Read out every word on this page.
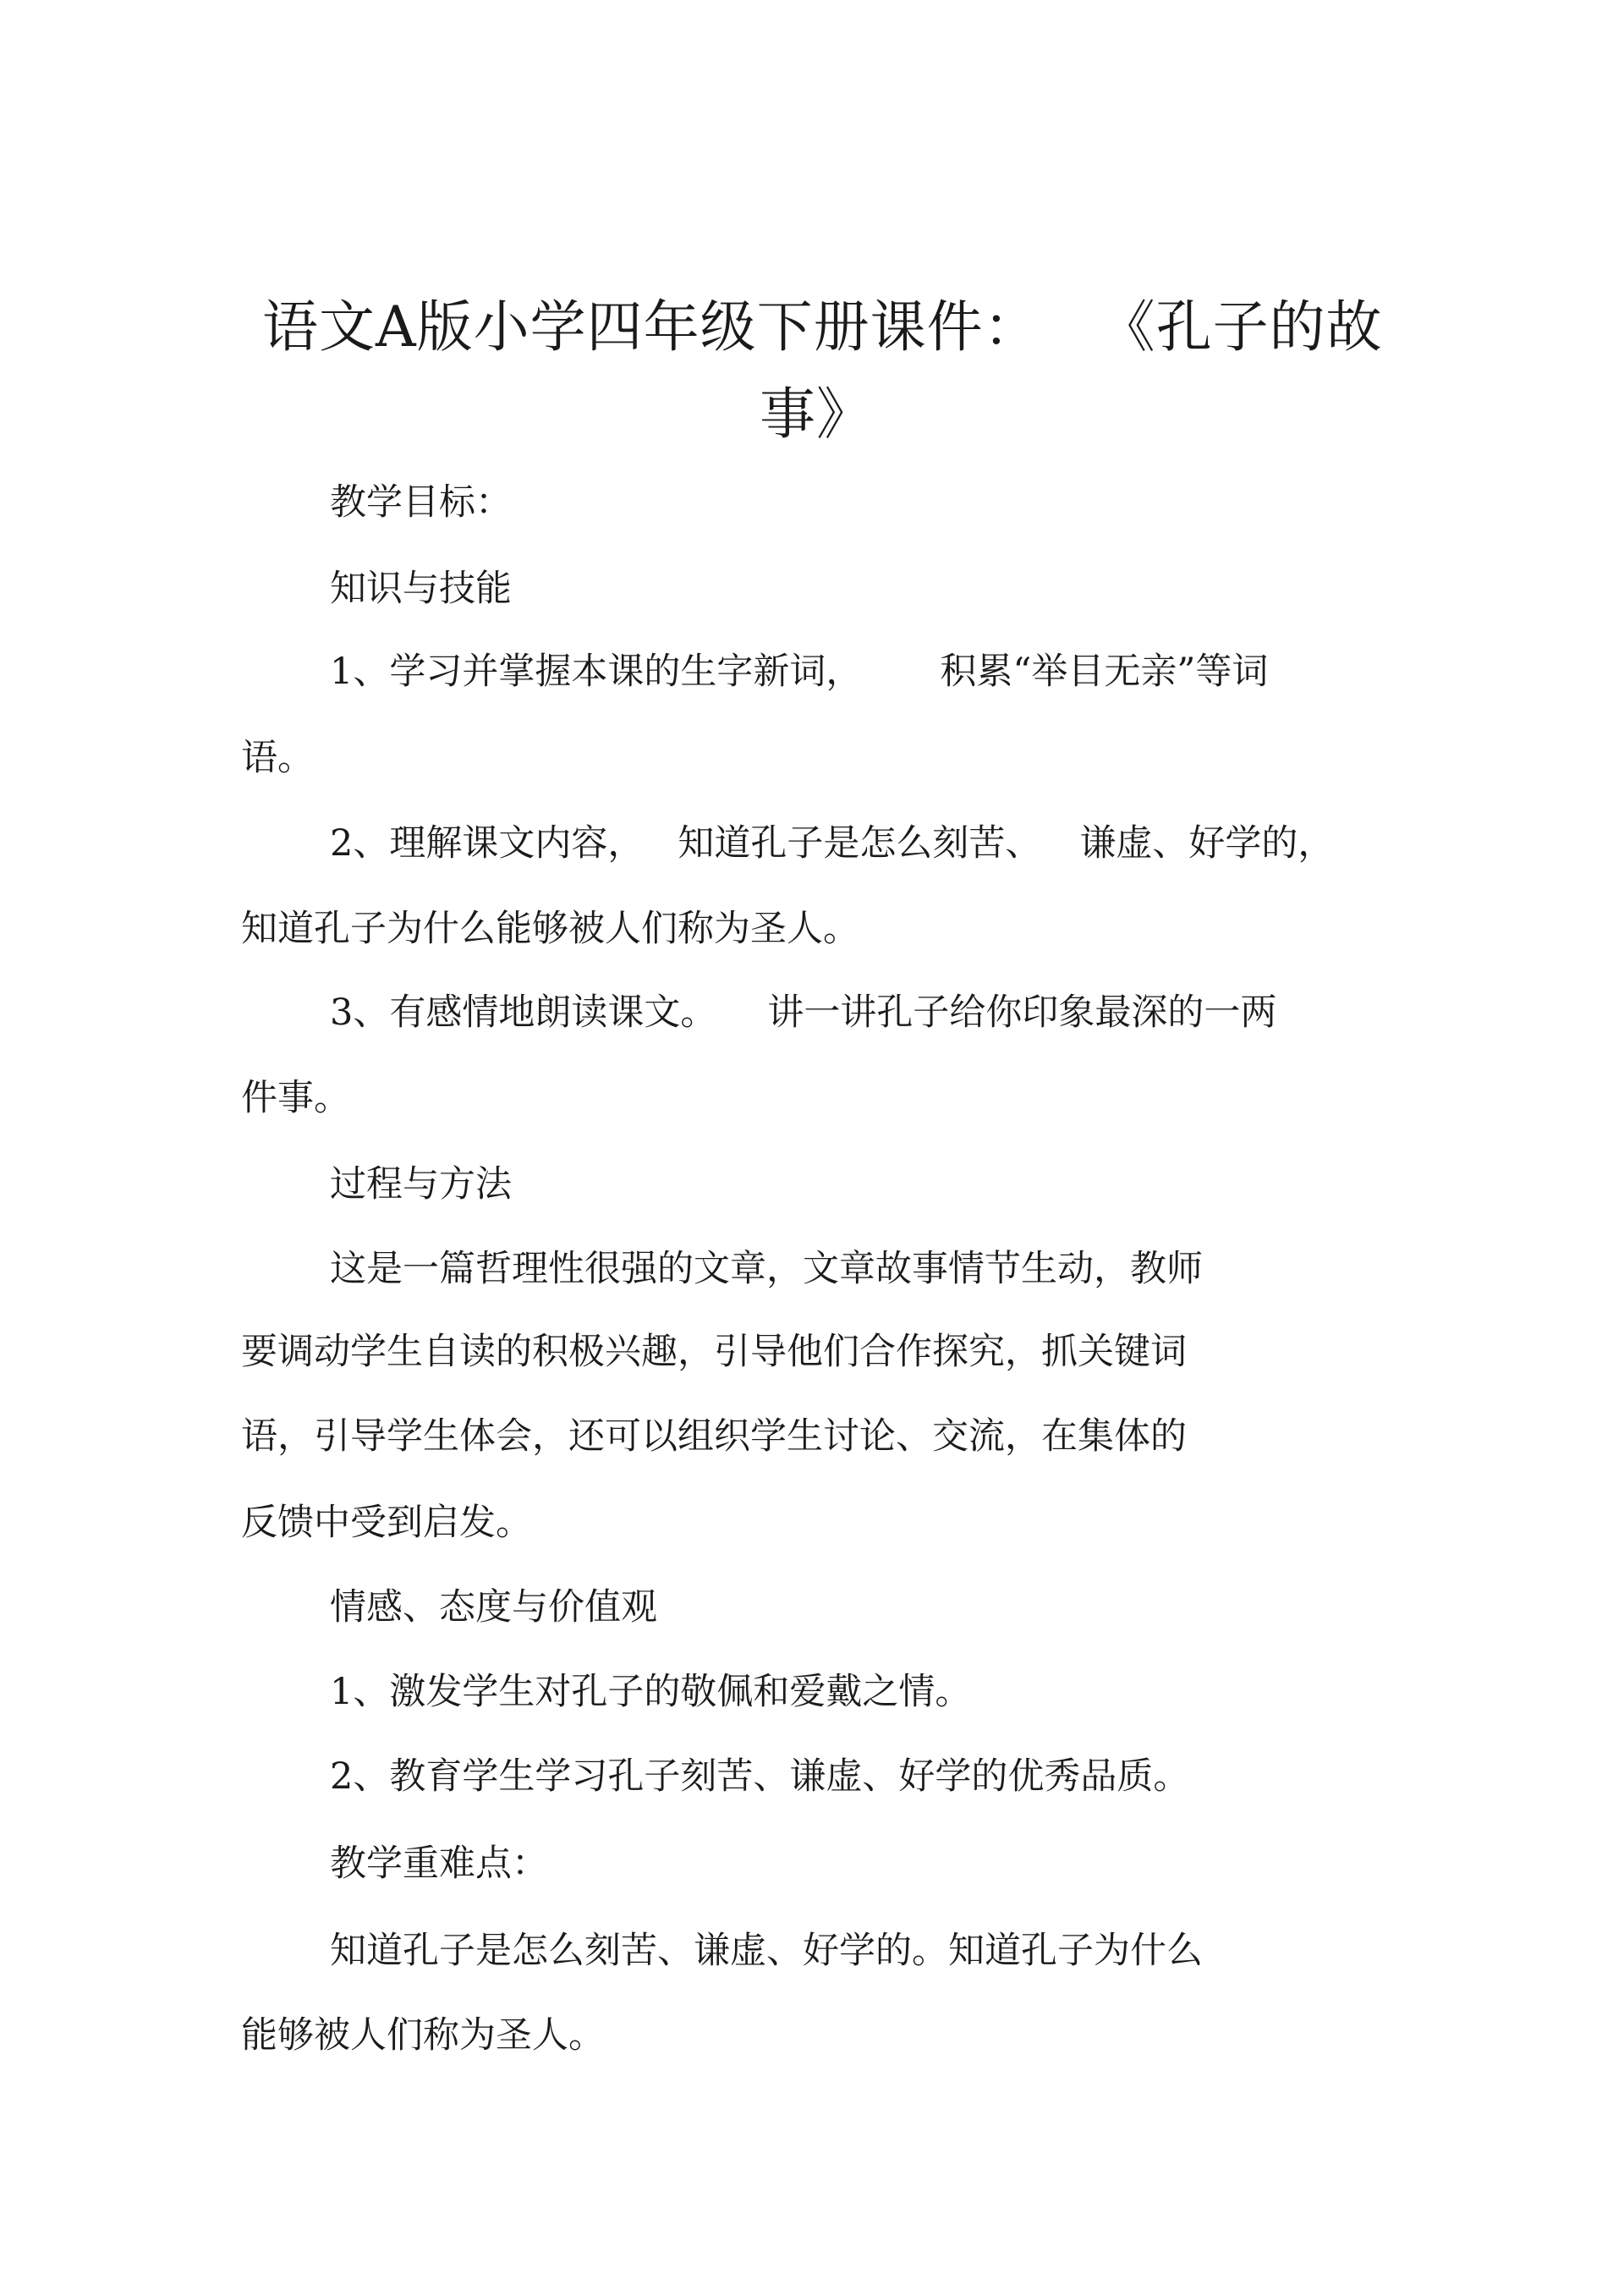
语文A版小学四年级下册课件： 《孔子的故
事》

教学目标：

知识与技能

1、学习并掌握本课的生字新词， 积累“举目无亲”等词

语。

2、理解课文内容， 知道孔子是怎么刻苦、 谦虚、好学的，

知道孔子为什么能够被人们称为圣人。

3、有感情地朗读课文。 讲一讲孔子给你印象最深的一两

件事。

过程与方法

这是一篇哲理性很强的文章，文章故事情节生动，教师

要调动学生自读的积极兴趣，引导他们合作探究，抓关键词

语，引导学生体会，还可以组织学生讨论、交流，在集体的

反馈中受到启发。

情感、态度与价值观

1、激发学生对孔子的敬佩和爱戴之情。

2、教育学生学习孔子刻苦、谦虚、好学的优秀品质。

教学重难点：

知道孔子是怎么刻苦、谦虚、好学的。知道孔子为什么

能够被人们称为圣人。
